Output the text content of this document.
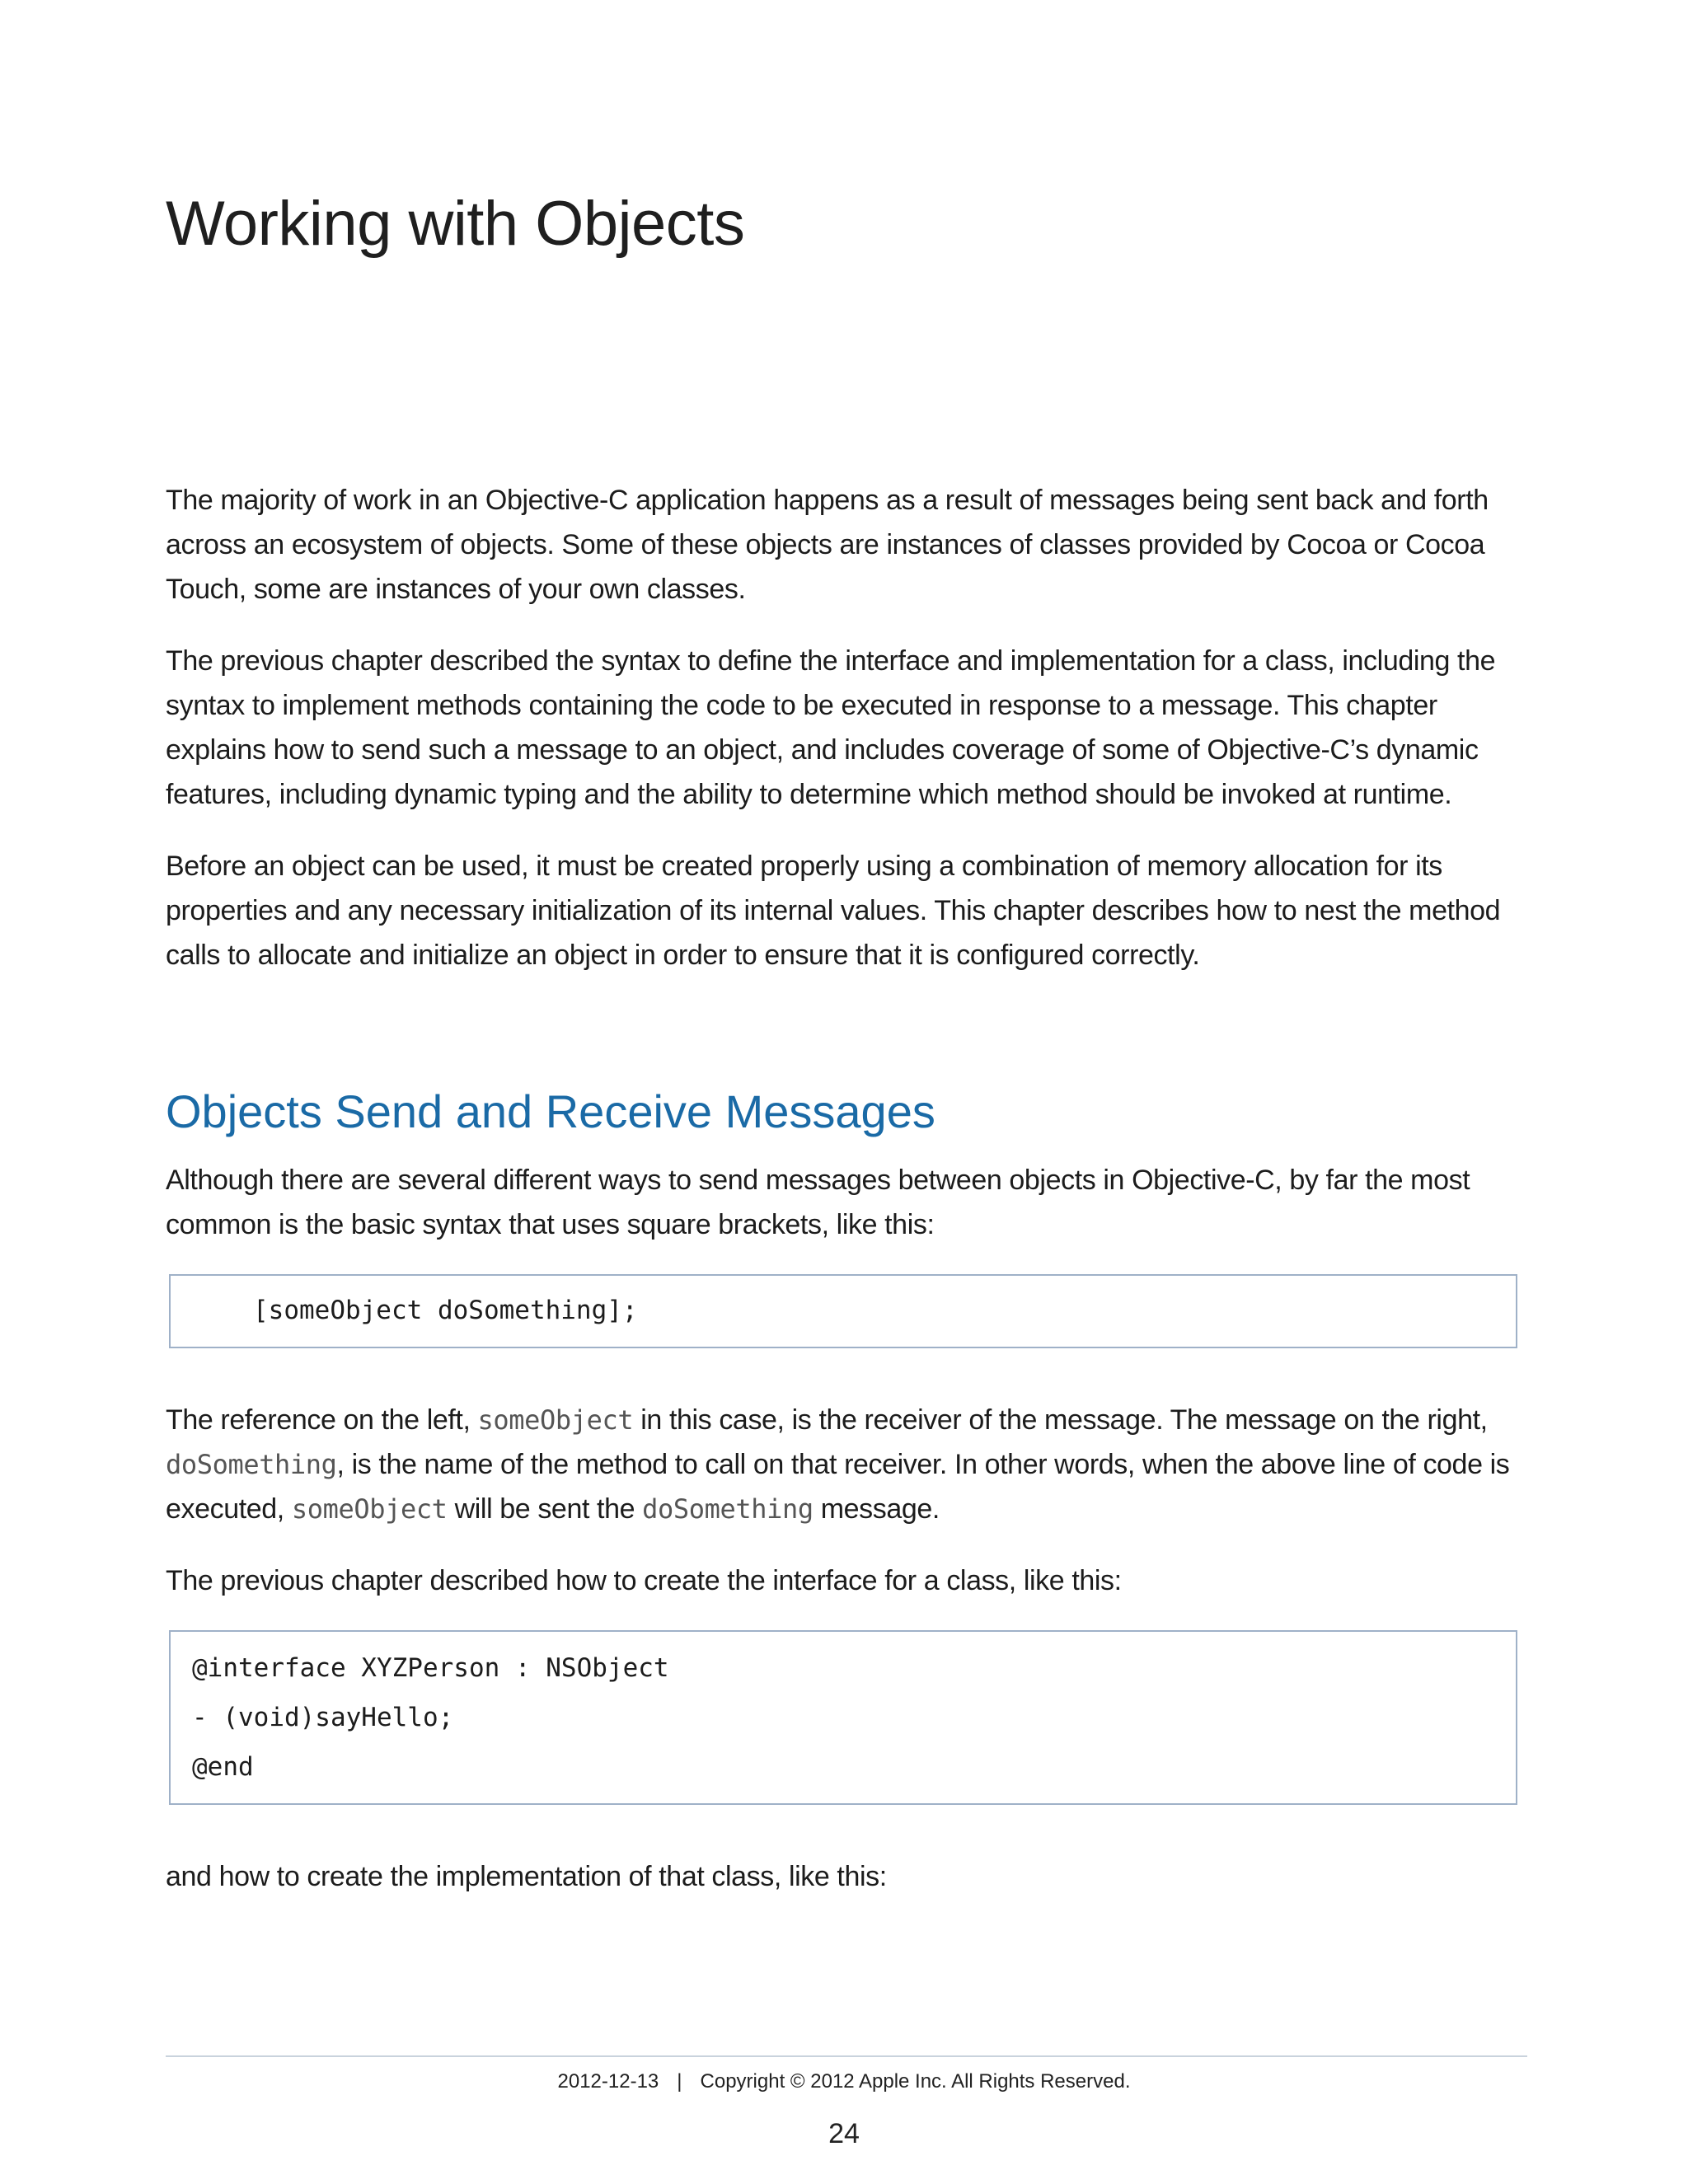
Working with Objects

The majority of work in an Objective-C application happens as a result of messages being sent back and forth across an ecosystem of objects. Some of these objects are instances of classes provided by Cocoa or Cocoa Touch, some are instances of your own classes.

The previous chapter described the syntax to define the interface and implementation for a class, including the syntax to implement methods containing the code to be executed in response to a message. This chapter explains how to send such a message to an object, and includes coverage of some of Objective-C’s dynamic features, including dynamic typing and the ability to determine which method should be invoked at runtime.

Before an object can be used, it must be created properly using a combination of memory allocation for its properties and any necessary initialization of its internal values. This chapter describes how to nest the method calls to allocate and initialize an object in order to ensure that it is configured correctly.

Objects Send and Receive Messages

Although there are several different ways to send messages between objects in Objective-C, by far the most common is the basic syntax that uses square brackets, like this:

[someObject doSomething];

The reference on the left, someObject in this case, is the receiver of the message. The message on the right, doSomething, is the name of the method to call on that receiver. In other words, when the above line of code is executed, someObject will be sent the doSomething message.

The previous chapter described how to create the interface for a class, like this:

@interface XYZPerson : NSObject
- (void)sayHello;
@end

and how to create the implementation of that class, like this:

2012-12-13 | Copyright © 2012 Apple Inc. All Rights Reserved.
24
